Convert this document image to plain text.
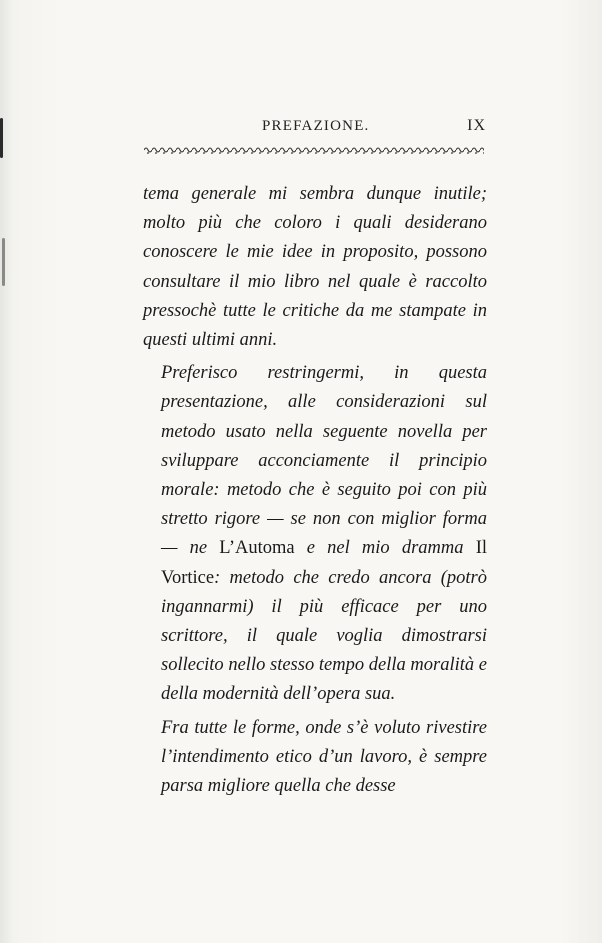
PREFAZIONE.	IX

tema generale mi sembra dunque inutile; molto più che coloro i quali desiderano conoscere le mie idee in proposito, possono consultare il mio libro nel quale è raccolto pressochè tutte le critiche da me stampate in questi ultimi anni.

Preferisco restringermi, in questa presentazione, alle considerazioni sul metodo usato nella seguente novella per sviluppare acconciamente il principio morale: metodo che è seguito poi con più stretto rigore — se non con miglior forma — ne L’Automa e nel mio dramma Il Vortice: metodo che credo ancora (potrò ingannarmi) il più efficace per uno scrittore, il quale voglia dimostrarsi sollecito nello stesso tempo della moralità e della modernità dell’opera sua.

Fra tutte le forme, onde s’è voluto rivestire l’intendimento etico d’un lavoro, è sempre parsa migliore quella che desse
